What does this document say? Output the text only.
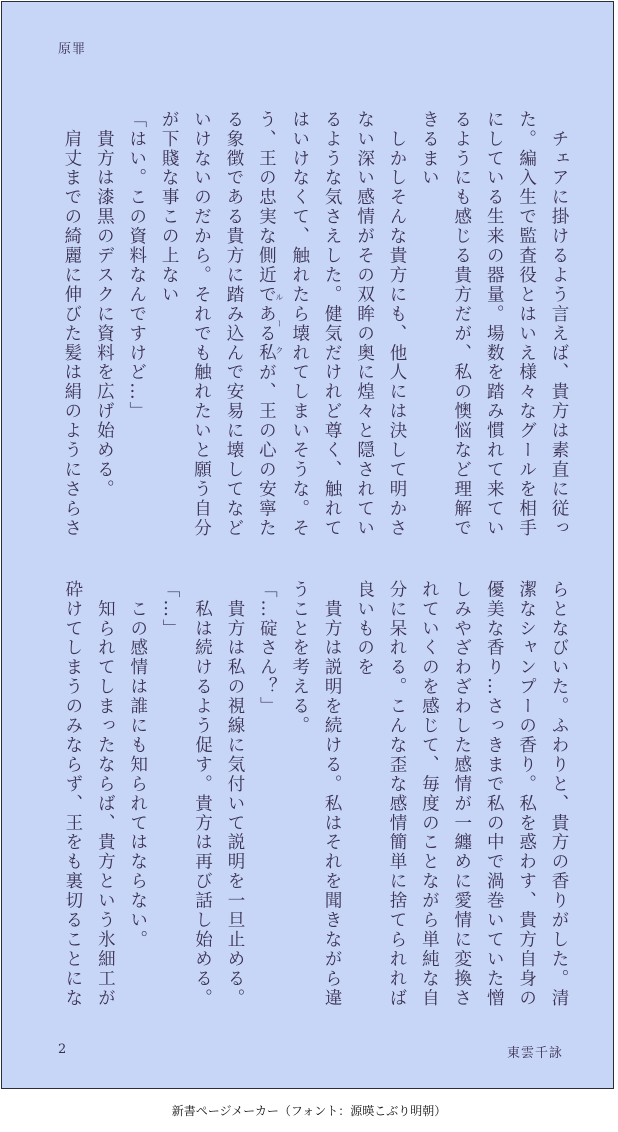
原罪
　チェアに掛けるよう言えば、貴方は素直に従っ
た。編入生で監査役とはいえ様々なグールを相手
にしている生来の器量。場数を踏み慣れて来てい
るようにも感じる貴方だが、私の懊悩など理解で
きるまい
　しかしそんな貴方にも、他人には決して明かさ
ない深い感情がその双眸の奥に煌々と隠されてい
るような気さえした。健気だけれど尊く、触れて
はいけなくて、触れたら壊れてしまいそうな。そ
う、王の忠実な側近である私ルークが、王の心の安寧た
る象徴である貴方に踏み込んで安易に壊してなど
いけないのだから。それでも触れたいと願う自分
が下賤な事この上ない
「はい。この資料なんですけど…」
　貴方は漆黒のデスクに資料を広げ始める。
　肩丈までの綺麗に伸びた髪は絹のようにさらさ
らとなびいた。ふわりと、貴方の香りがした。清
潔なシャンプーの香り。私を惑わす、貴方自身の
優美な香り…さっきまで私の中で渦巻いていた憎
しみやざわざわした感情が一纏めに愛情に変換さ
れていくのを感じて、毎度のことながら単純な自
分に呆れる。こんな歪な感情簡単に捨てられれば
良いものを
　貴方は説明を続ける。私はそれを聞きながら違
うことを考える。
「…碇さん？」
　貴方は私の視線に気付いて説明を一旦止める。
　私は続けるよう促す。貴方は再び話し始める。
「…」
　この感情は誰にも知られてはならない。
　知られてしまったならば、貴方という氷細工が
砕けてしまうのみならず、王をも裏切ることにな
2	東雲千詠
新書ページメーカー（フォント：源暎こぶり明朝）
